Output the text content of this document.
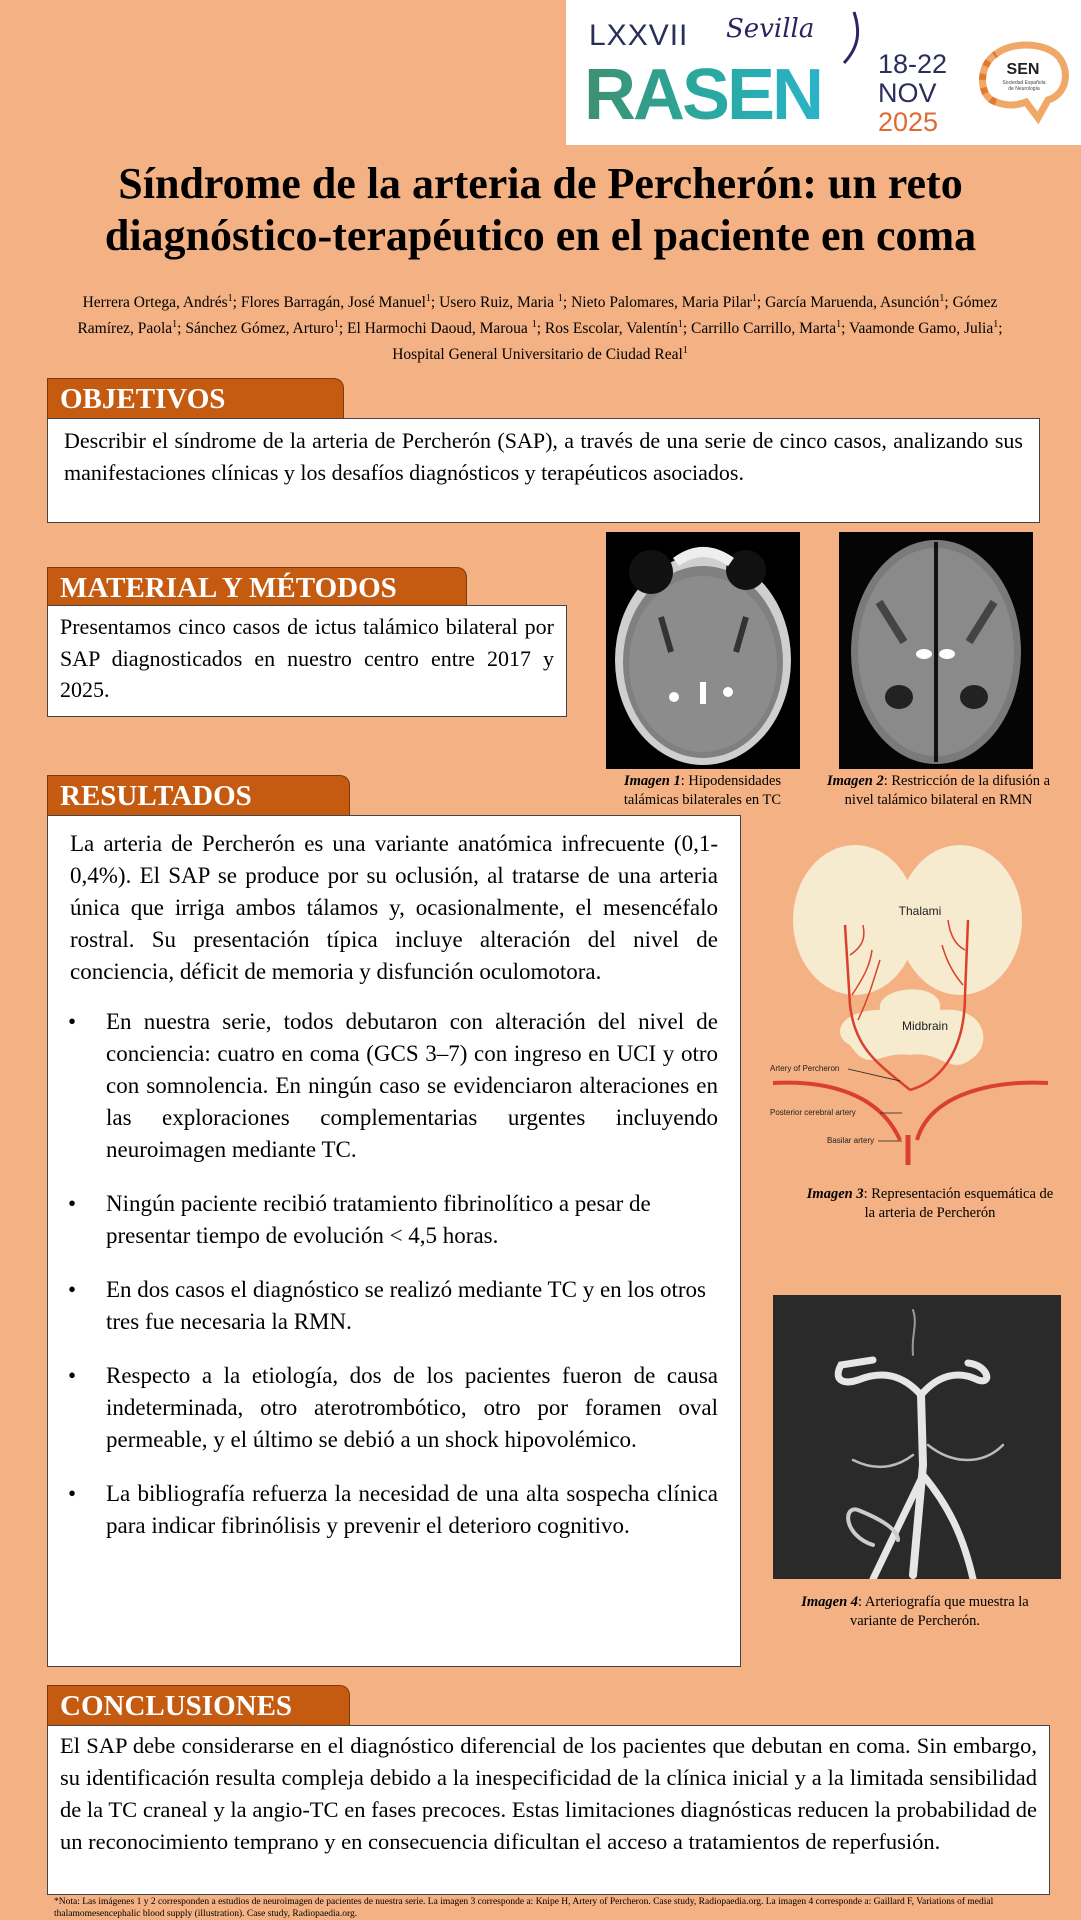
LXXVII Sevilla
RASEN 18-22
NOV
2025
SEN
Sociedad Española de Neurología
Síndrome de la arteria de Percherón: un reto diagnóstico-terapéutico en el paciente en coma
Herrera Ortega, Andrés$^1$; Flores Barragán, José Manuel$^1$; Usero Ruiz, Maria $^1$; Nieto Palomares, Maria Pilar$^1$; García Maruenda, Asunción$^1$; Gómez Ramírez, Paola$^1$; Sánchez Gómez, Arturo$^1$; El Harmochi Daoud, Maroua $^1$; Ros Escolar, Valentín$^1$; Carrillo Carrillo, Marta$^1$; Vaamonde Gamo, Julia$^1$; Hospital General Universitario de Ciudad Real$^1$
OBJETIVOS
Describir el síndrome de la arteria de Percherón (SAP), a través de una serie de cinco casos, analizando sus manifestaciones clínicas y los desafíos diagnósticos y terapéuticos asociados.
MATERIAL Y MÉTODOS
Presentamos cinco casos de ictus talámico bilateral por SAP diagnosticados en nuestro centro entre 2017 y 2025.
Imagen 1: Hipodensidades talámicas bilaterales en TC
Imagen 2: Restricción de la difusión a nivel talámico bilateral en RMN
RESULTADOS

La arteria de Percherón es una variante anatómica infrecuente (0,1-0,4%). El SAP se produce por su oclusión, al tratarse de una arteria única que irriga ambos tálamos y, ocasionalmente, el mesencéfalo rostral. Su presentación típica incluye alteración del nivel de conciencia, déficit de memoria y disfunción oculomotora.

• En nuestra serie, todos debutaron con alteración del nivel de conciencia: cuatro en coma (GCS 3–7) con ingreso en UCI y otro con somnolencia. En ningún caso se evidenciaron alteraciones en las exploraciones complementarias urgentes incluyendo neuroimagen mediante TC.
• Ningún paciente recibió tratamiento fibrinolítico a pesar de presentar tiempo de evolución < 4,5 horas.
• En dos casos el diagnóstico se realizó mediante TC y en los otros tres fue necesaria la RMN.
• Respecto a la etiología, dos de los pacientes fueron de causa indeterminada, otro aterotrombótico, otro por foramen oval permeable, y el último se debió a un shock hipovolémico.
• La bibliografía refuerza la necesidad de una alta sospecha clínica para indicar fibrinólisis y prevenir el deterioro cognitivo.
Thalami
Midbrain
Artery of Percheron
Posterior cerebral artery
Basilar artery
Imagen 3: Representación esquemática de la arteria de Percherón
Imagen 4: Arteriografía que muestra la variante de Percherón.
CONCLUSIONES
El SAP debe considerarse en el diagnóstico diferencial de los pacientes que debutan en coma. Sin embargo, su identificación resulta compleja debido a la inespecificidad de la clínica inicial y a la limitada sensibilidad de la TC craneal y la angio-TC en fases precoces. Estas limitaciones diagnósticas reducen la probabilidad de un reconocimiento temprano y en consecuencia dificultan el acceso a tratamientos de reperfusión.
*Nota: Las imágenes 1 y 2 corresponden a estudios de neuroimagen de pacientes de nuestra serie. La imagen 3 corresponde a: Knipe H, Artery of Percheron. Case study, Radiopaedia.org. La imagen 4 corresponde a: Gaillard F, Variations of medial thalamomesencephalic blood supply (illustration). Case study, Radiopaedia.org.
